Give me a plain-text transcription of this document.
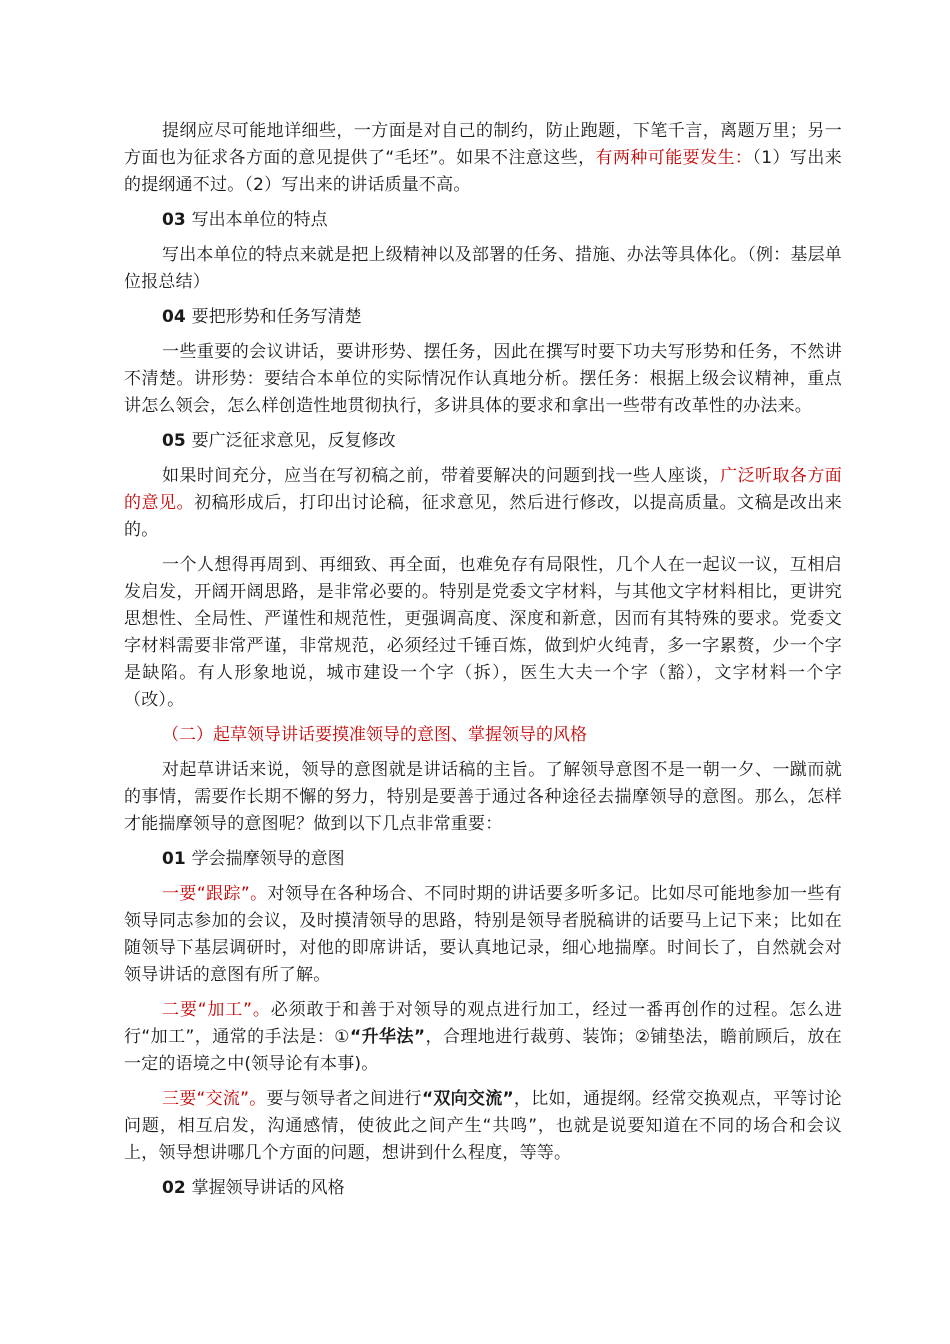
提纲应尽可能地详细些，一方面是对自己的制约，防止跑题，下笔千言，离题万里；另一方面也为征求各方面的意见提供了“毛坯”。如果不注意这些，有两种可能要发生：（1）写出来的提纲通不过。（2）写出来的讲话质量不高。

03 写出本单位的特点

写出本单位的特点来就是把上级精神以及部署的任务、措施、办法等具体化。（例：基层单位报总结）

04 要把形势和任务写清楚

一些重要的会议讲话，要讲形势、摆任务，因此在撰写时要下功夫写形势和任务，不然讲不清楚。讲形势：要结合本单位的实际情况作认真地分析。摆任务：根据上级会议精神，重点讲怎么领会，怎么样创造性地贯彻执行，多讲具体的要求和拿出一些带有改革性的办法来。

05 要广泛征求意见，反复修改

如果时间充分，应当在写初稿之前，带着要解决的问题到找一些人座谈，广泛听取各方面的意见。初稿形成后，打印出讨论稿，征求意见，然后进行修改，以提高质量。文稿是改出来的。

一个人想得再周到、再细致、再全面，也难免存有局限性，几个人在一起议一议，互相启发启发，开阔开阔思路，是非常必要的。特别是党委文字材料，与其他文字材料相比，更讲究思想性、全局性、严谨性和规范性，更强调高度、深度和新意，因而有其特殊的要求。党委文字材料需要非常严谨，非常规范，必须经过千锤百炼，做到炉火纯青，多一字累赘，少一个字是缺陷。有人形象地说，城市建设一个字（拆），医生大夫一个字（豁），文字材料一个字（改）。

（二）起草领导讲话要摸准领导的意图、掌握领导的风格

对起草讲话来说，领导的意图就是讲话稿的主旨。了解领导意图不是一朝一夕、一蹴而就的事情，需要作长期不懈的努力，特别是要善于通过各种途径去揣摩领导的意图。那么，怎样才能揣摩领导的意图呢？做到以下几点非常重要：

01 学会揣摩领导的意图

一要“跟踪”。对领导在各种场合、不同时期的讲话要多听多记。比如尽可能地参加一些有领导同志参加的会议，及时摸清领导的思路，特别是领导者脱稿讲的话要马上记下来；比如在随领导下基层调研时，对他的即席讲话，要认真地记录，细心地揣摩。时间长了，自然就会对领导讲话的意图有所了解。

二要“加工”。必须敢于和善于对领导的观点进行加工，经过一番再创作的过程。怎么进行“加工”，通常的手法是：①“升华法”，合理地进行裁剪、装饰；②铺垫法，瞻前顾后，放在一定的语境之中(领导论有本事)。

三要“交流”。要与领导者之间进行“双向交流”，比如，通提纲。经常交换观点，平等讨论问题，相互启发，沟通感情，使彼此之间产生“共鸣”，也就是说要知道在不同的场合和会议上，领导想讲哪几个方面的问题，想讲到什么程度，等等。

02 掌握领导讲话的风格
